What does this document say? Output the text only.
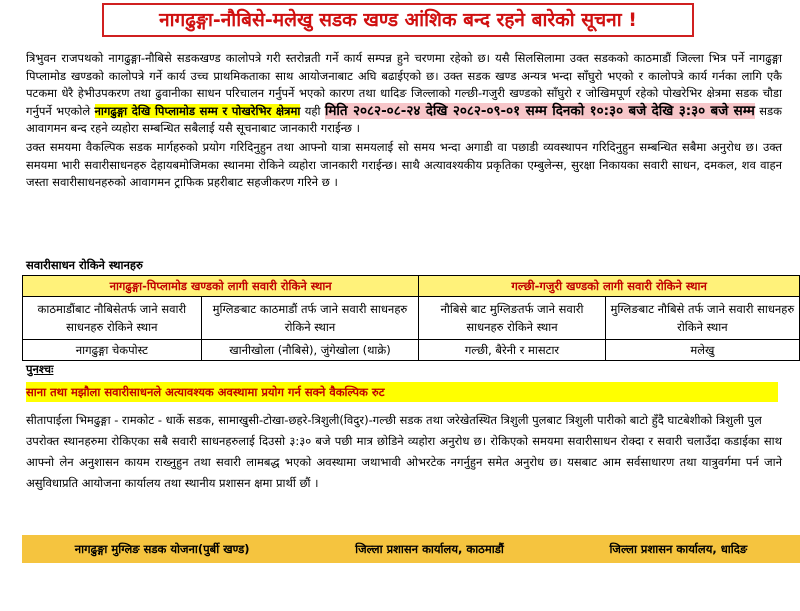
नागढुङ्गा-नौबिसे-मलेखु सडक खण्ड आंशिक बन्द रहने बारेको सूचना !

त्रिभुवन राजपथको नागढुङ्गा-नौबिसे सडकखण्ड कालोपत्रे गरी स्तरोन्नती गर्ने कार्य सम्पन्न हुने चरणमा रहेको छ। यसै सिलसिलामा उक्त सडकको काठमाडौं जिल्ला भित्र पर्ने नागढुङ्गा पिप्लामोड खण्डको कालोपत्रे गर्ने कार्य उच्च प्राथमिकताका साथ आयोजनाबाट अघि बढाईएको छ। उक्त सडक खण्ड अन्यत्र भन्दा साँघुरो भएको र कालोपत्रे कार्य गर्नका लागि एकै पटकमा धेरै हेभीउपकरण तथा ढुवानीका साधन परिचालन गर्नुपर्ने भएको कारण तथा धादिङ जिल्लाको गल्छी-गजुरी खण्डको साँघुरो र जोखिमपूर्ण रहेको पोखरेभिर क्षेत्रमा सडक चौडा गर्नुपर्ने भएकोले नागढुङ्गा देखि पिप्लामोड सम्म र पोखरेभिर क्षेत्रमा यही मिति २०८२-०८-२४ देखि २०८२-०९-०१ सम्म दिनको १०:३० बजे देखि ३:३० बजे सम्म सडक आवागमन बन्द रहने व्यहोरा सम्बन्धित सबैलाई यसै सूचनाबाट जानकारी गराईन्छ ।

उक्त समयमा वैकल्पिक सडक मार्गहरुको प्रयोग गरिदिनुहुन तथा आफ्नो यात्रा समयलाई सो समय भन्दा अगाडी वा पछाडी व्यवस्थापन गरिदिनुहुन सम्बन्धित सबैमा अनुरोध छ। उक्त समयमा भारी सवारीसाधनहरु देहायबमोजिमका स्थानमा रोकिने व्यहोरा जानकारी गराईन्छ। साथै अत्यावश्यकीय प्रकृतिका एम्बुलेन्स, सुरक्षा निकायका सवारी साधन, दमकल, शव वाहन जस्ता सवारीसाधनहरुको आवागमन ट्राफिक प्रहरीबाट सहजीकरण गरिने छ ।

सवारीसाधन रोकिने स्थानहरु
नागढुङ्गा-पिप्लामोड खण्डको लागी सवारी रोकिने स्थान		गल्छी-गजुरी खण्डको लागी सवारी रोकिने स्थान	
काठमाडौंबाट नौबिसेतर्फ जाने सवारी साधनहरु रोकिने स्थान	मुग्लिङबाट काठमाडौं तर्फ जाने सवारी साधनहरु रोकिने स्थान	नौबिसे बाट मुग्लिङतर्फ जाने सवारी साधनहरु रोकिने स्थान	मुग्लिङबाट नौबिसे तर्फ जाने सवारी साधनहरु रोकिने स्थान
नागढुङ्गा चेकपोस्ट	खानीखोला (नौबिसे), जुंगेखोला (थाक्रे)	गल्छी, बैरेनी र मासटार	मलेखु
पुनश्चः
साना तथा मझौला सवारीसाधनले अत्यावश्यक अवस्थामा प्रयोग गर्न सक्ने वैकल्पिक रुट

सीतापाईला भिमढुङ्गा - रामकोट - धार्के सडक, सामाखुसी-टोखा-छहरे-त्रिशुली(विदुर)-गल्छी सडक तथा जरेखेतस्थित त्रिशुली पुलबाट त्रिशुली पारीको बाटो हुँदै घाटबेशीको त्रिशुली पुल

उपरोक्त स्थानहरुमा रोकिएका सबै सवारी साधनहरुलाई दिउसो ३:३० बजे पछी मात्र छोडिने व्यहोरा अनुरोध छ। रोकिएको समयमा सवारीसाधन रोक्दा र सवारी चलाउँदा कडाईका साथ आफ्नो लेन अनुशासन कायम राख्नुहुन तथा सवारी लामबद्ध भएको अवस्थामा जथाभावी ओभरटेक नगर्नुहुन समेत अनुरोध छ। यसबाट आम सर्वसाधारण तथा यात्रुवर्गमा पर्न जाने असुविधाप्रति आयोजना कार्यालय तथा स्थानीय प्रशासन क्षमा प्रार्थी छौं ।

नागढुङ्गा मुग्लिङ सडक योजना(पुर्बी खण्ड)	जिल्ला प्रशासन कार्यालय, काठमाडौं	जिल्ला प्रशासन कार्यालय, धादिङ
